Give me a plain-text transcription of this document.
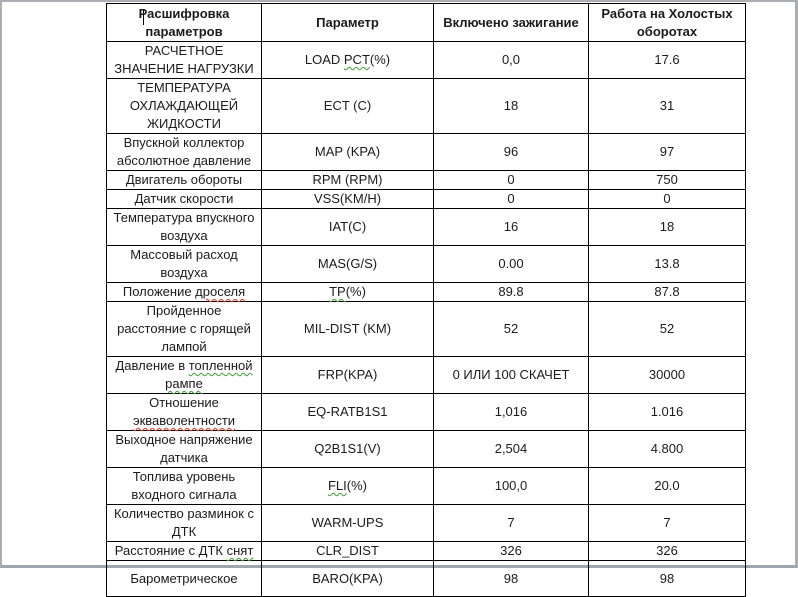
Расшифровка параметров	Параметр	Включено зажигание	Работа на Холостых оборотах
РАСЧЕТНОЕ ЗНАЧЕНИЕ НАГРУЗКИ	LOAD PCT(%)	0,0	17.6
ТЕМПЕРАТУРА ОХЛАЖДАЮЩЕЙ ЖИДКОСТИ	ECT (C)	18	31
Впускной коллектор абсолютное давление	MAP (KPA)	96	97
Двигатель обороты	RPM (RPM)	0	750
Датчик скорости	VSS(KM/H)	0	0
Температура впускного воздуха	IAT(C)	16	18
Массовый расход воздуха	MAS(G/S)	0.00	13.8
Положение дроселя	TP(%)	89.8	87.8
Пройденное расстояние с горящей лампой	MIL-DIST (KM)	52	52
Давление в топленной рампе	FRP(KPA)	0 ИЛИ 100 СКАЧЕТ	30000
Отношение экваволентности	EQ-RATB1S1	1,016	1.016
Выходное напряжение датчика	Q2B1S1(V)	2,504	4.800
Топлива уровень входного сигнала	FLI(%)	100,0	20.0
Количество разминок с ДТК	WARM-UPS	7	7
Расстояние с ДТК снят	CLR_DIST	326	326
Барометрическое	BARO(KPA)	98	98
